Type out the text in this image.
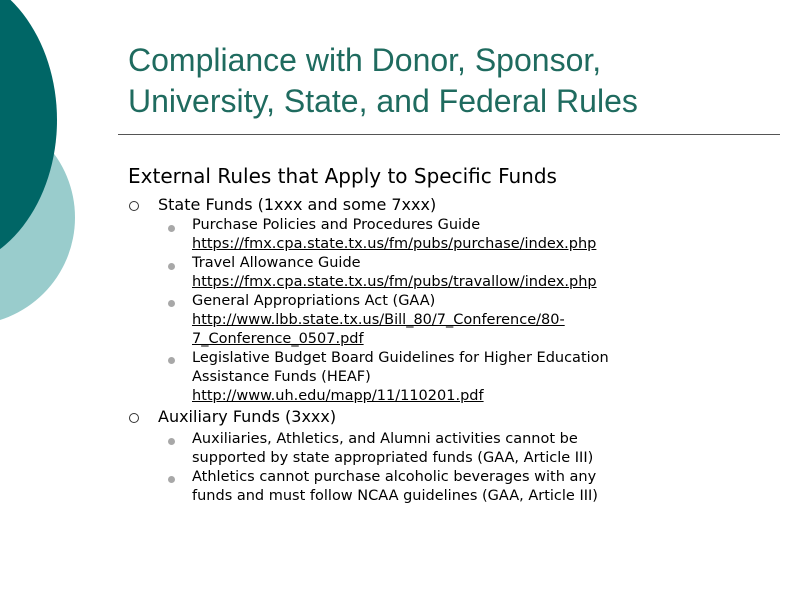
Compliance with Donor, Sponsor,
University, State, and Federal Rules
External Rules that Apply to Specific Funds
State Funds (1xxx and some 7xxx)
Purchase Policies and Procedures Guide
https://fmx.cpa.state.tx.us/fm/pubs/purchase/index.php
Travel Allowance Guide
https://fmx.cpa.state.tx.us/fm/pubs/travallow/index.php
General Appropriations Act (GAA)
http://www.lbb.state.tx.us/Bill_80/7_Conference/80-
7_Conference_0507.pdf
Legislative Budget Board Guidelines for Higher Education
Assistance Funds (HEAF)
http://www.uh.edu/mapp/11/110201.pdf
Auxiliary Funds (3xxx)
Auxiliaries, Athletics, and Alumni activities cannot be
supported by state appropriated funds (GAA, Article III)
Athletics cannot purchase alcoholic beverages with any
funds and must follow NCAA guidelines (GAA, Article III)
